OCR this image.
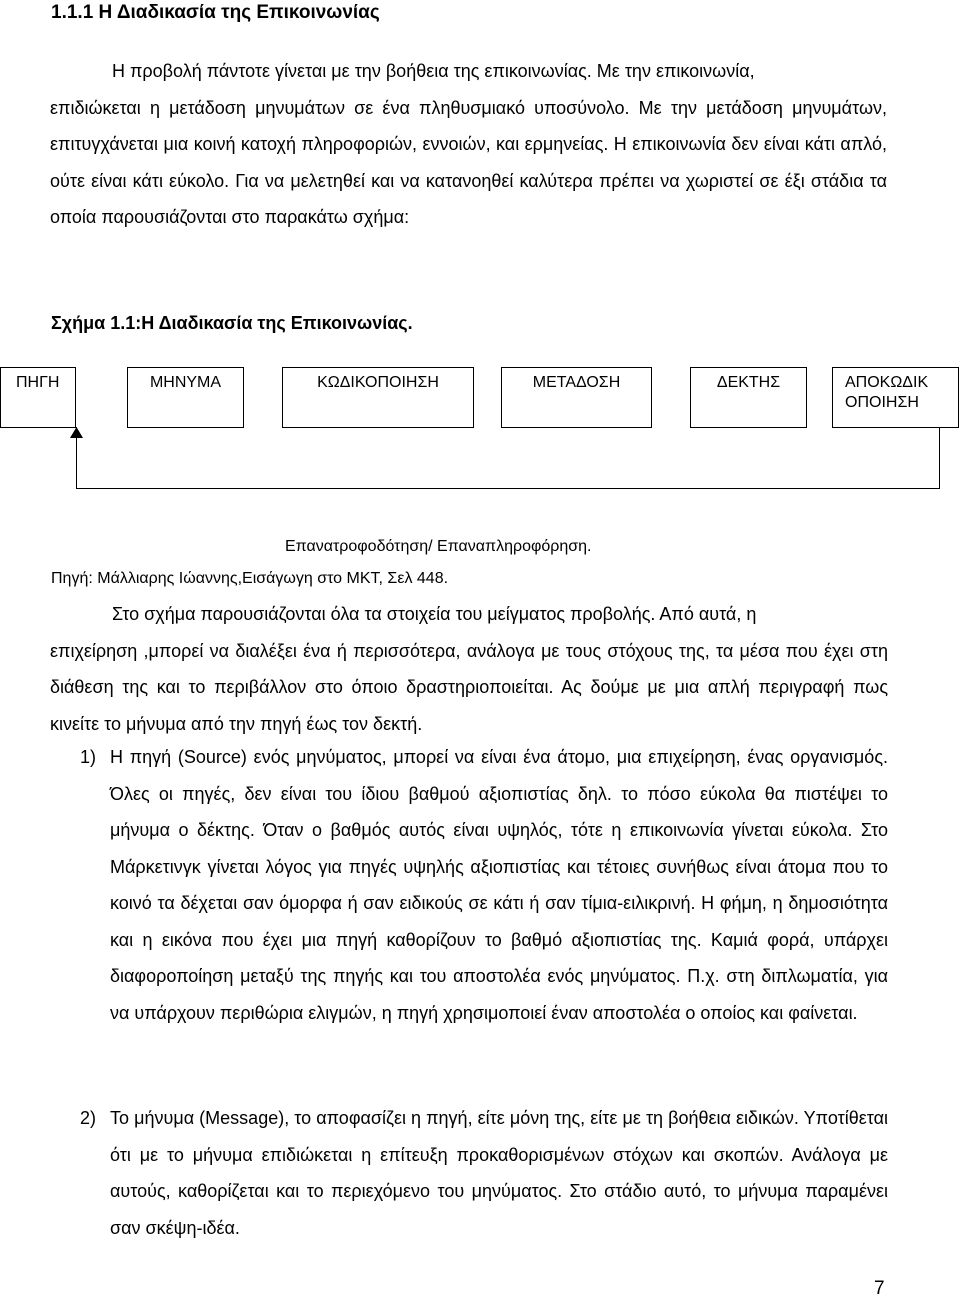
1.1.1 Η Διαδικασία της Επικοινωνίας
Η προβολή πάντοτε γίνεται με την βοήθεια της επικοινωνίας. Με την επικοινωνία,
επιδιώκεται η μετάδοση μηνυμάτων σε ένα πληθυσμιακό υποσύνολο. Με την μετάδοση μηνυμάτων, επιτυγχάνεται μια κοινή κατοχή πληροφοριών, εννοιών, και ερμηνείας. Η επικοινωνία δεν είναι κάτι απλό, ούτε είναι κάτι εύκολο. Για να μελετηθεί και να κατανοηθεί καλύτερα πρέπει να χωριστεί σε έξι στάδια τα οποία παρουσιάζονται στο παρακάτω σχήμα:
Σχήμα 1.1:Η Διαδικασία της Επικοινωνίας.
ΠΗΓΗ	ΜΗΝΥΜΑ	ΚΩΔΙΚΟΠΟΙΗΣΗ	ΜΕΤΑΔΟΣΗ	ΔΕΚΤΗΣ	ΑΠΟΚΩΔΙΚ ΟΠΟΙΗΣΗ
Επανατροφοδότηση/ Επαναπληροφόρηση.
Πηγή: Μάλλιαρης Ιώαννης,Εισάγωγη στο ΜΚΤ, Σελ 448.
Στο σχήμα παρουσιάζονται όλα τα στοιχεία του μείγματος προβολής. Από αυτά, η
επιχείρηση ,μπορεί να διαλέξει ένα ή περισσότερα, ανάλογα με τους στόχους της, τα μέσα που έχει στη διάθεση της και το περιβάλλον στο όποιο δραστηριοποιείται. Ας δούμε με μια απλή περιγραφή πως κινείτε το μήνυμα από την πηγή έως τον δεκτή.
1) Η πηγή (Source) ενός μηνύματος, μπορεί να είναι ένα άτομο, μια επιχείρηση, ένας οργανισμός. Όλες οι πηγές, δεν είναι του ίδιου βαθμού αξιοπιστίας δηλ. το πόσο εύκολα θα πιστέψει το μήνυμα ο δέκτης. Όταν ο βαθμός αυτός είναι υψηλός, τότε η επικοινωνία γίνεται εύκολα. Στο Μάρκετινγκ γίνεται λόγος για πηγές υψηλής αξιοπιστίας και τέτοιες συνήθως είναι άτομα που το κοινό τα δέχεται σαν όμορφα ή σαν ειδικούς σε κάτι ή σαν τίμια-ειλικρινή. Η φήμη, η δημοσιότητα και η εικόνα που έχει μια πηγή καθορίζουν το βαθμό αξιοπιστίας της. Καμιά φορά, υπάρχει διαφοροποίηση μεταξύ της πηγής και του αποστολέα ενός μηνύματος. Π.χ. στη διπλωματία, για να υπάρχουν περιθώρια ελιγμών, η πηγή χρησιμοποιεί έναν αποστολέα ο οποίος και φαίνεται.
2) Το μήνυμα (Message), το αποφασίζει η πηγή, είτε μόνη της, είτε με τη βοήθεια ειδικών. Υποτίθεται ότι με το μήνυμα επιδιώκεται η επίτευξη προκαθορισμένων στόχων και σκοπών. Ανάλογα με αυτούς, καθορίζεται και το περιεχόμενο του μηνύματος. Στο στάδιο αυτό, το μήνυμα παραμένει σαν σκέψη-ιδέα.
7
